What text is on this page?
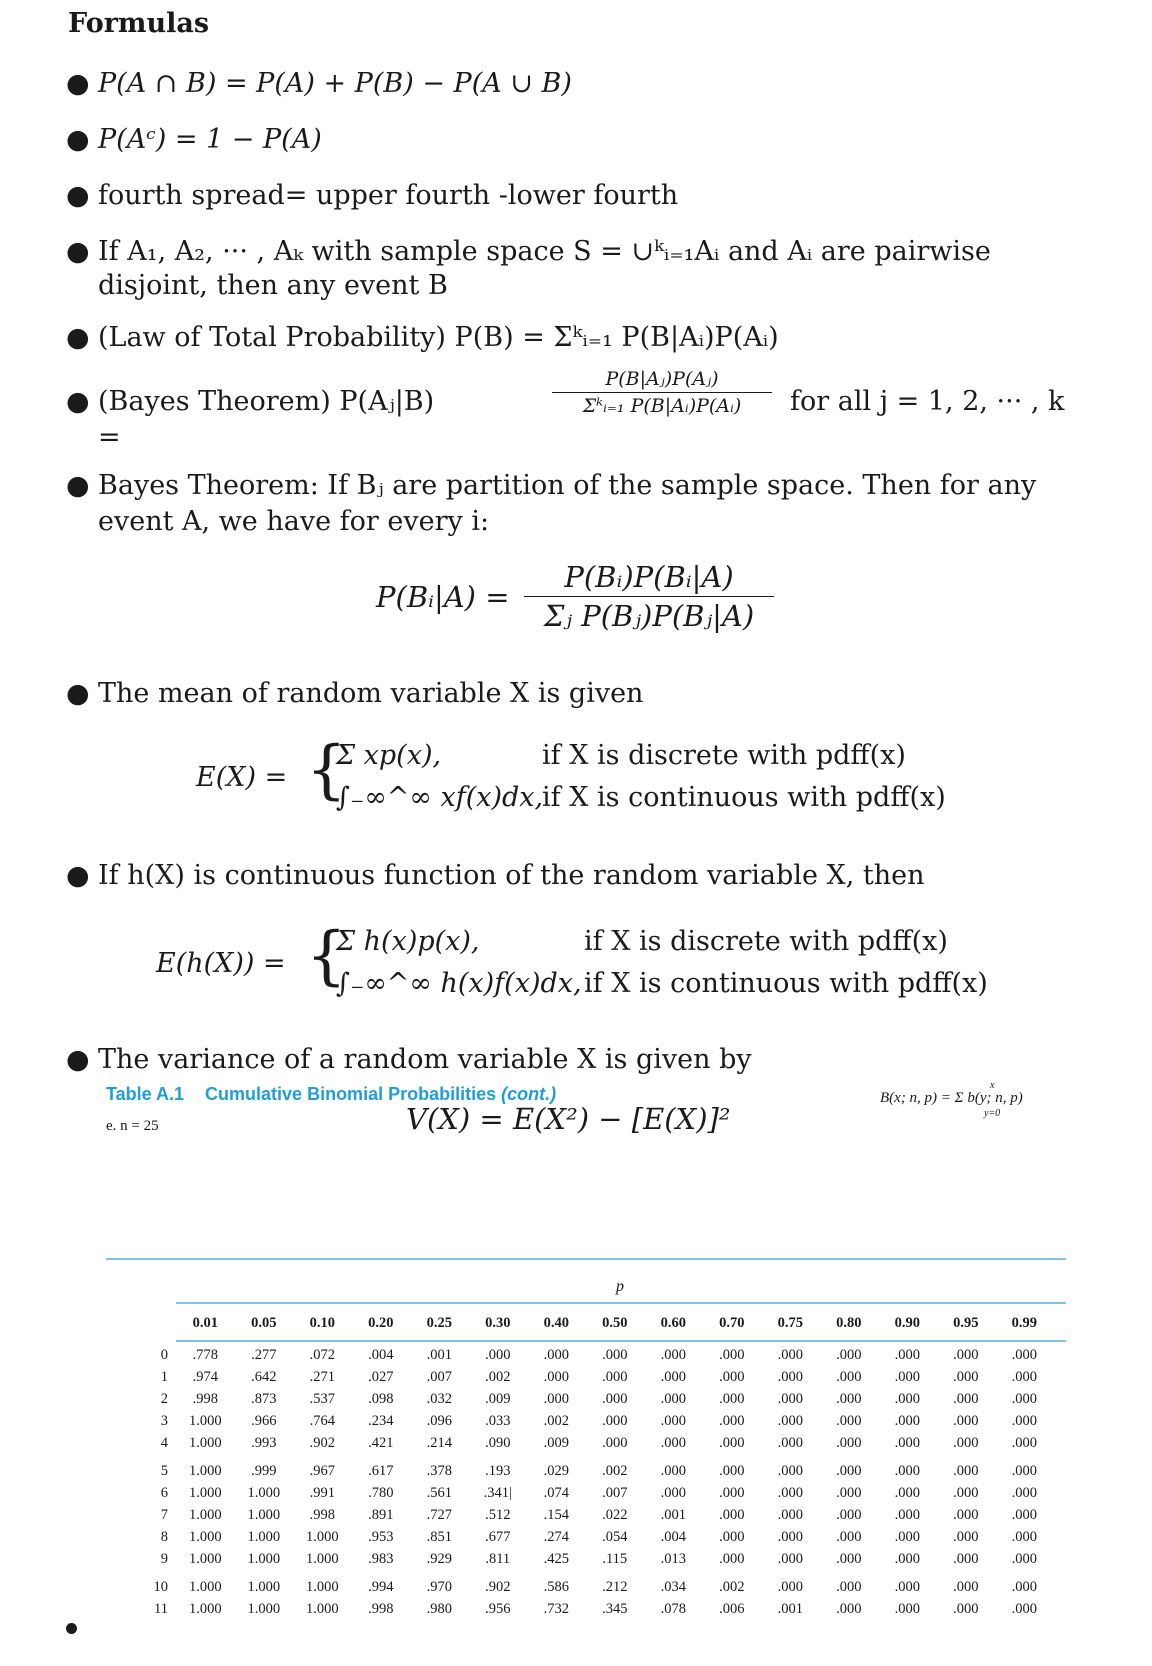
Formulas
● P(A ∩ B) = P(A) + P(B) − P(A ∪ B)
● P(Aᶜ) = 1 − P(A)
● fourth spread= upper fourth -lower fourth
● If A₁, A₂, ··· , Aₖ with sample space S = ∪ᵏᵢ₌₁Aᵢ and Aᵢ are pairwise
disjoint, then any event B
● (Law of Total Probability) P(B) = Σᵏᵢ₌₁ P(B|Aᵢ)P(Aᵢ)
● (Bayes Theorem) P(Aⱼ|B) =
P(B|Aⱼ)P(Aⱼ)
Σᵏᵢ₌₁ P(B|Aᵢ)P(Aᵢ)	for all j = 1, 2, ··· , k
● Bayes Theorem: If Bⱼ are partition of the sample space. Then for any
event A, we have for every i:
P(Bᵢ|A) = $\frac{\text{P(Bᵢ)P(Bᵢ|A)}}{\text{Σⱼ P(Bⱼ)P(Bⱼ|A)}}$
● The mean of random variable X is given
E(X) = {
Σ xp(x),	if X is discrete with pdff(x)
∫₋∞^∞ xf(x)dx,
if X is continuous with pdff(x)
● If h(X) is continuous function of the random variable X, then
E(h(X)) = {
Σ h(x)p(x),	if X is discrete with pdff(x)
∫₋∞^∞ h(x)f(x)dx, if X is continuous with pdff(x)
● The variance of a random variable X is given by
V(X) = E(X²) − [E(X)]²
Table A.1 Cumulative Binomial Probabilities (cont.)
e. n = 25
B(x; n, p) = Σ b(y; n, p)
x
y=0
p
	0.01	0.05	0.10	0.20	0.25	0.30	0.40	0.50	0.60	0.70	0.75	0.80	0.90	0.95	0.99

0	.778	.277	.072	.004	.001	.000	.000	.000	.000	.000	.000	.000	.000	.000	.000
1	.974	.642	.271	.027	.007	.002	.000	.000	.000	.000	.000	.000	.000	.000	.000
2	.998	.873	.537	.098	.032	.009	.000	.000	.000	.000	.000	.000	.000	.000	.000
3	1.000	.966	.764	.234	.096	.033	.002	.000	.000	.000	.000	.000	.000	.000	.000
4	1.000	.993	.902	.421	.214	.090	.009	.000	.000	.000	.000	.000	.000	.000	.000
5	1.000	.999	.967	.617	.378	.193	.029	.002	.000	.000	.000	.000	.000	.000	.000
6	1.000	1.000	.991	.780	.561	.341|	.074	.007	.000	.000	.000	.000	.000	.000	.000
7	1.000	1.000	.998	.891	.727	.512	.154	.022	.001	.000	.000	.000	.000	.000	.000
8	1.000	1.000	1.000	.953	.851	.677	.274	.054	.004	.000	.000	.000	.000	.000	.000
9	1.000	1.000	1.000	.983	.929	.811	.425	.115	.013	.000	.000	.000	.000	.000	.000
10	1.000	1.000	1.000	.994	.970	.902	.586	.212	.034	.002	.000	.000	.000	.000	.000
11	1.000	1.000	1.000	.998	.980	.956	.732	.345	.078	.006	.001	.000	.000	.000	.000
